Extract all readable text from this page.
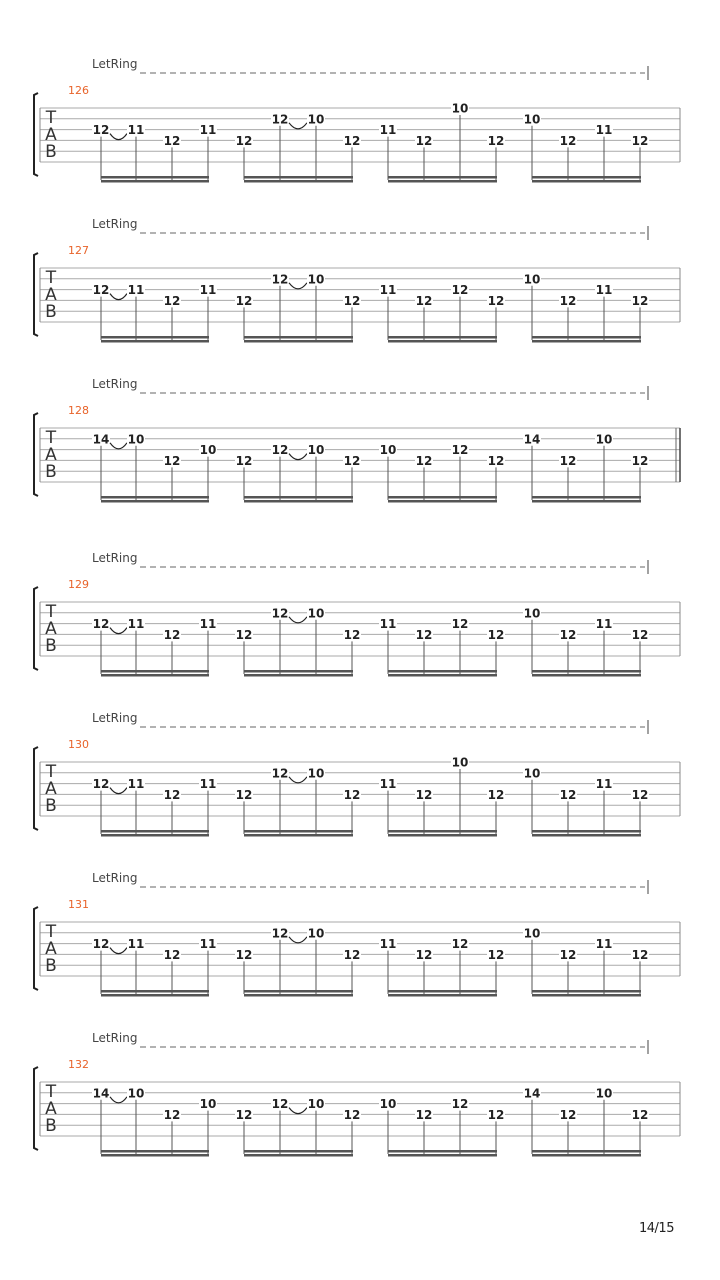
LetRing
126
T
A
B
12 11
12
11
12
12 10
12
11
12
10
12
10
12
11
12
LetRing
127
T
A
B
12 11
12
11
12
12 10
12
11
12
12
12
10
12
11
12
LetRing
128
T
A
B
14 10
12
10
12
12 10
12
10
12
12
12
14
12
10
12
LetRing
129
T
A
B
12 11
12
11
12
12 10
12
11
12
12
12
10
12
11
12
LetRing
130
T
A
B
12 11
12
11
12
12 10
12
11
12
10
12
10
12
11
12
LetRing
131
T
A
B
12 11
12
11
12
12 10
12
11
12
12
12
10
12
11
12
LetRing
132
T
A
B
14 10
12
10
12
12 10
12
10
12
12
12
14
12
10
12
14/15
